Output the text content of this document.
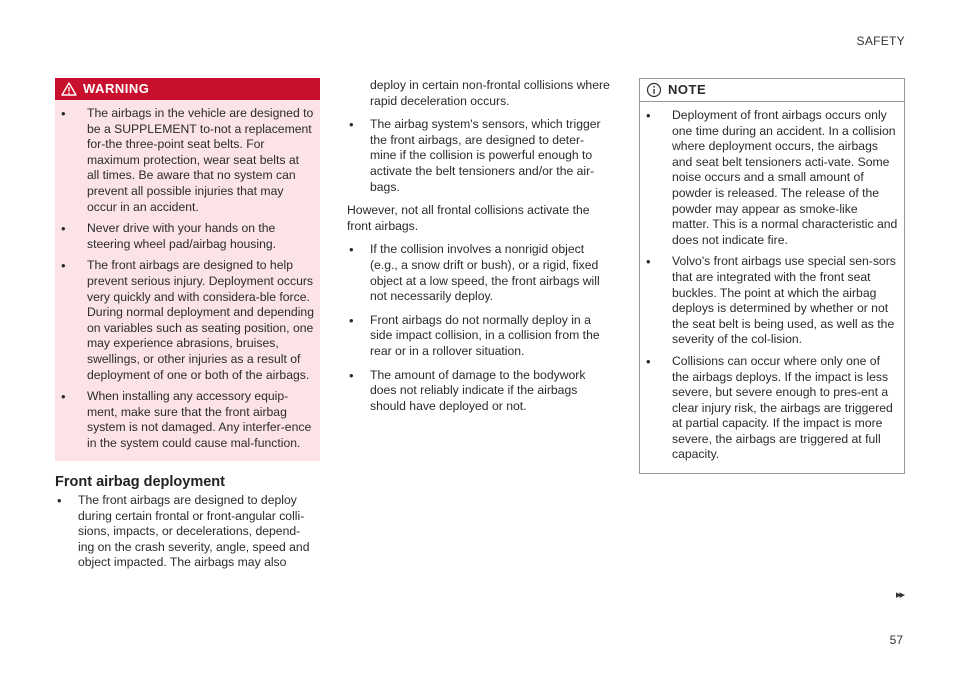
SAFETY
WARNING
• The airbags in the vehicle are designed to be a SUPPLEMENT to-not a replacement for-the three-point seat belts. For maximum protection, wear seat belts at all times. Be aware that no system can prevent all possible injuries that may occur in an accident.
• Never drive with your hands on the steering wheel pad/airbag housing.
• The front airbags are designed to help prevent serious injury. Deployment occurs very quickly and with considera-ble force. During normal deployment and depending on variables such as seating position, one may experience abrasions, bruises, swellings, or other injuries as a result of deployment of one or both of the airbags.
• When installing any accessory equip-ment, make sure that the front airbag system is not damaged. Any interfer-ence in the system could cause mal-function.
Front airbag deployment
• The front airbags are designed to deploy during certain frontal or front-angular colli-sions, impacts, or decelerations, depend-ing on the crash severity, angle, speed and object impacted. The airbags may also

deploy in certain non-frontal collisions where rapid deceleration occurs.

• The airbag system's sensors, which trigger the front airbags, are designed to deter-mine if the collision is powerful enough to activate the belt tensioners and/or the air-bags.

However, not all frontal collisions activate the front airbags.

• If the collision involves a nonrigid object (e.g., a snow drift or bush), or a rigid, fixed object at a low speed, the front airbags will not necessarily deploy.
• Front airbags do not normally deploy in a side impact collision, in a collision from the rear or in a rollover situation.
• The amount of damage to the bodywork does not reliably indicate if the airbags should have deployed or not.
NOTE
• Deployment of front airbags occurs only one time during an accident. In a collision where deployment occurs, the airbags and seat belt tensioners acti-vate. Some noise occurs and a small amount of powder is released. The release of the powder may appear as smoke-like matter. This is a normal characteristic and does not indicate fire.
• Volvo's front airbags use special sen-sors that are integrated with the front seat buckles. The point at which the airbag deploys is determined by whether or not the seat belt is being used, as well as the severity of the col-lision.
• Collisions can occur where only one of the airbags deploys. If the impact is less severe, but severe enough to pres-ent a clear injury risk, the airbags are triggered at partial capacity. If the impact is more severe, the airbags are triggered at full capacity.
▸▸
57
